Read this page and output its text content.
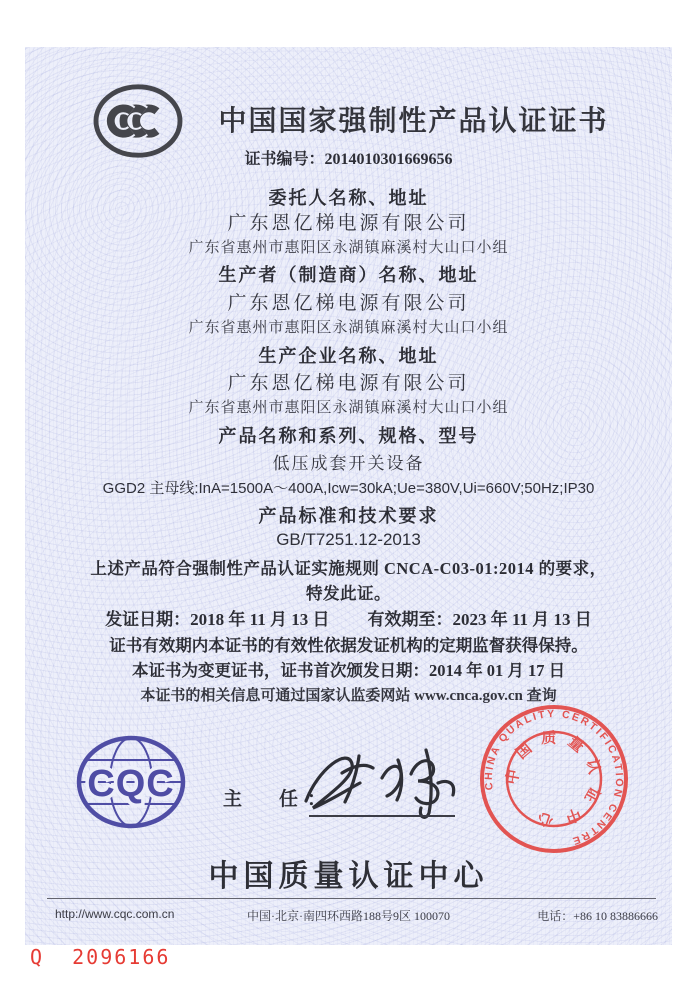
中国国家强制性产品认证证书
证书编号：2014010301669656
委托人名称、地址
广东恩亿梯电源有限公司
广东省惠州市惠阳区永湖镇麻溪村大山口小组
生产者（制造商）名称、地址
广东恩亿梯电源有限公司
广东省惠州市惠阳区永湖镇麻溪村大山口小组
生产企业名称、地址
广东恩亿梯电源有限公司
广东省惠州市惠阳区永湖镇麻溪村大山口小组
产品名称和系列、规格、型号
低压成套开关设备
GGD2 主母线:InA=1500A～400A,Icw=30kA;Ue=380V,Ui=660V;50Hz;IP30
产品标准和技术要求
GB/T7251.12-2013
上述产品符合强制性产品认证实施规则 CNCA-C03-01:2014 的要求，
特发此证。
发证日期：2018 年 11 月 13 日 有效期至：2023 年 11 月 13 日
证书有效期内本证书的有效性依据发证机构的定期监督获得保持。
本证书为变更证书，证书首次颁发日期：2014 年 01 月 17 日
本证书的相关信息可通过国家认监委网站 www.cnca.gov.cn 查询
CQC	主　任：
CHINA QUALITY CERTIFICATION CENTRE
中国质量认证中心
中国质量认证中心
http://www.cqc.com.cn	中国·北京·南四环西路188号9区 100070	电话：+86 10 83886666
Q  2096166
